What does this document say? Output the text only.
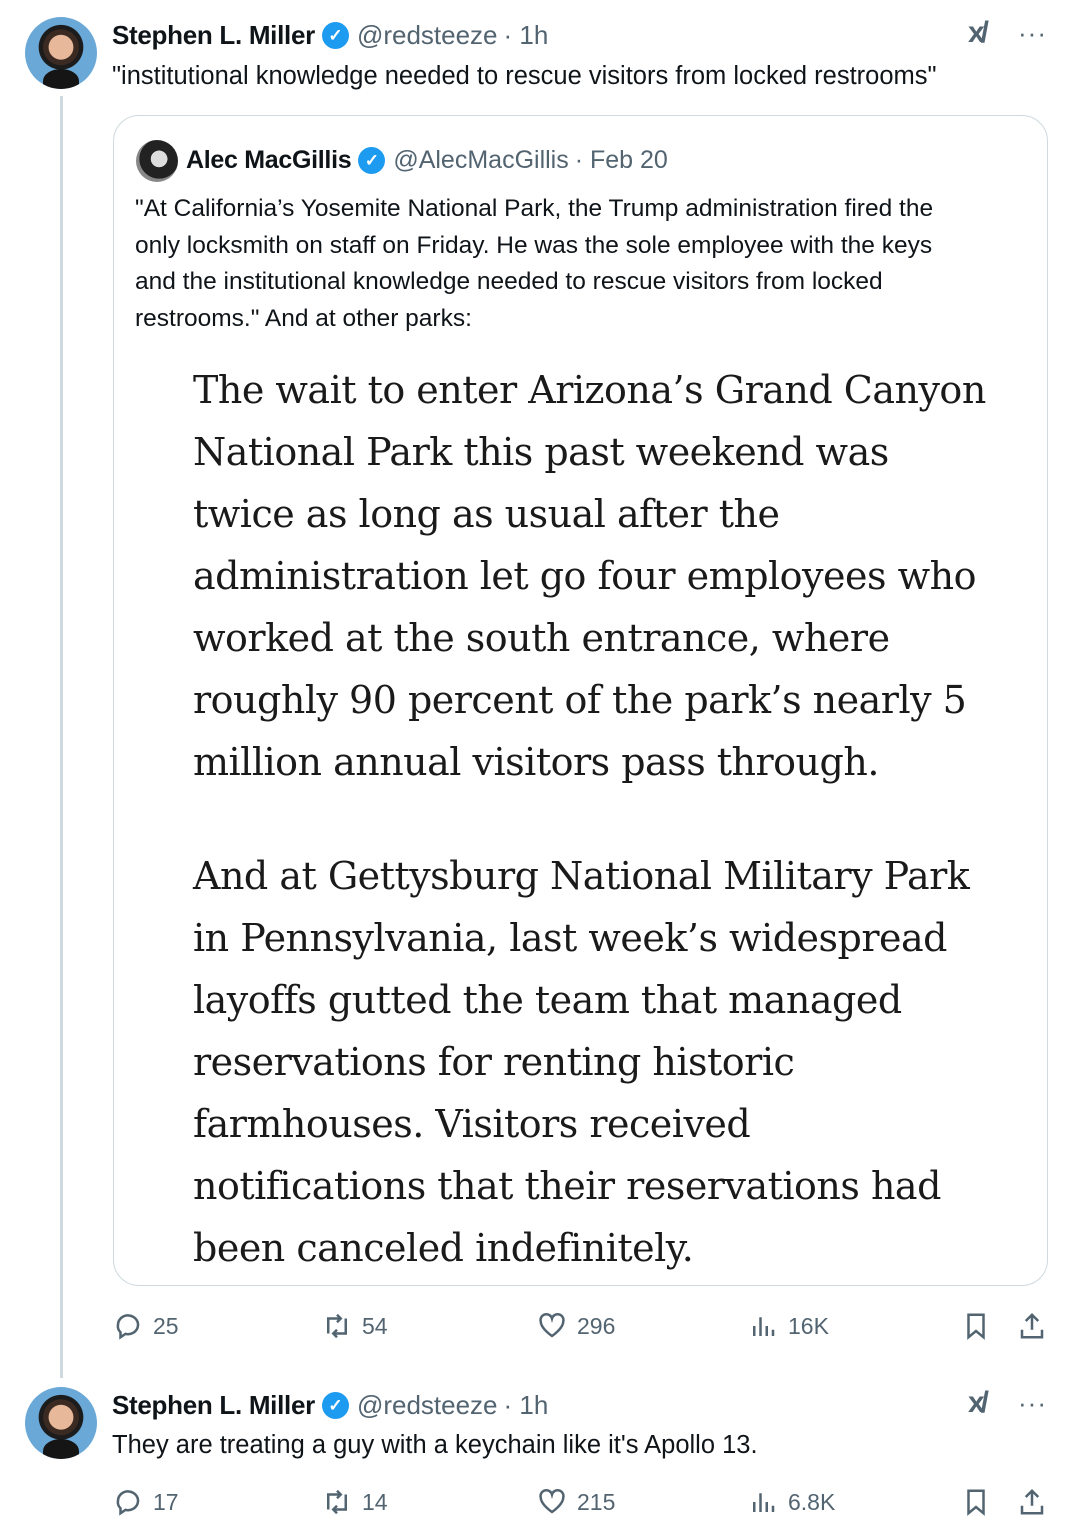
Stephen L. Miller ✓ @redsteeze · 1h	x/ ···
"institutional knowledge needed to rescue visitors from locked restrooms"
Alec MacGillis ✓ @AlecMacGillis · Feb 20
"At California’s Yosemite National Park, the Trump administration fired the
only locksmith on staff on Friday. He was the sole employee with the keys
and the institutional knowledge needed to rescue visitors from locked
restrooms." And at other parks:
The wait to enter Arizona’s Grand Canyon
National Park this past weekend was
twice as long as usual after the
administration let go four employees who
worked at the south entrance, where
roughly 90 percent of the park’s nearly 5
million annual visitors pass through.
And at Gettysburg National Military Park
in Pennsylvania, last week’s widespread
layoffs gutted the team that managed
reservations for renting historic
farmhouses. Visitors received
notifications that their reservations had
been canceled indefinitely.
25	54	296	16K
Stephen L. Miller ✓ @redsteeze · 1h	x/ ···
They are treating a guy with a keychain like it's Apollo 13.
17	14	215	6.8K
